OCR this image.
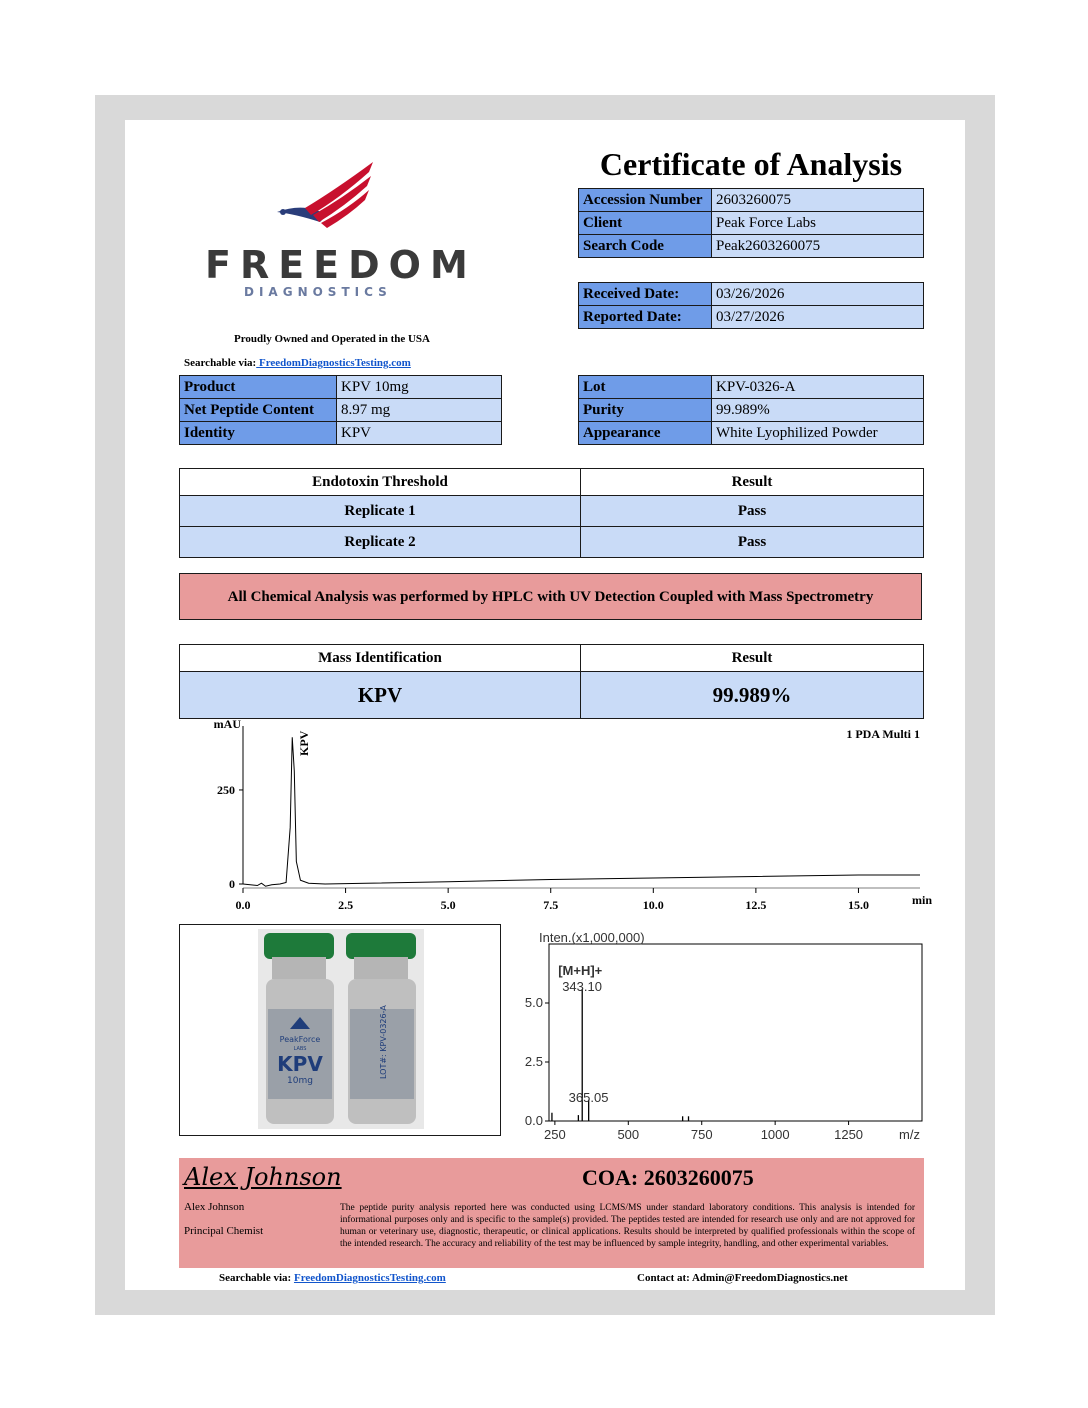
FREEDOM
DIAGNOSTICS
Proudly Owned and Operated in the USA
Searchable via: FreedomDiagnosticsTesting.com
Certificate of Analysis
Accession Number	2603260075
Client	Peak Force Labs
Search Code	Peak2603260075
Received Date:	03/26/2026
Reported Date:	03/27/2026
Product	KPV 10mg
Net Peptide Content	8.97 mg
Identity	KPV
Lot	KPV-0326-A
Purity	99.989%
Appearance	White Lyophilized Powder
Endotoxin Threshold	Result
Replicate 1	Pass
Replicate 2	Pass
All Chemical Analysis was performed by HPLC with UV Detection Coupled with Mass Spectrometry
Mass Identification	Result
KPV	99.989%
mAU
min
0
250
0.0	2.5	5.0	7.5	10.0	12.5	15.0
1 PDA Multi 1
KPV
PeakForce
LABS
KPV
10mg
LOT#: KPV-0326-A
Inten.(x1,000,000)
m/z
0.0
2.5
5.0
250	500	750	1000	1250
343.10
[M+H]+
365.05
Alex Johnson
Alex Johnson
Principal Chemist
COA: 2603260075
The peptide purity analysis reported here was conducted using LCMS/MS under standard laboratory conditions. This analysis is intended for informational purposes only and is specific to the sample(s) provided. The peptides tested are intended for research use only and are not approved for human or veterinary use, diagnostic, therapeutic, or clinical applications. Results should be interpreted by qualified professionals within the scope of the intended research. The accuracy and reliability of the test may be influenced by sample integrity, handling, and other experimental variables.
Searchable via: FreedomDiagnosticsTesting.com	Contact at: Admin@FreedomDiagnostics.net
